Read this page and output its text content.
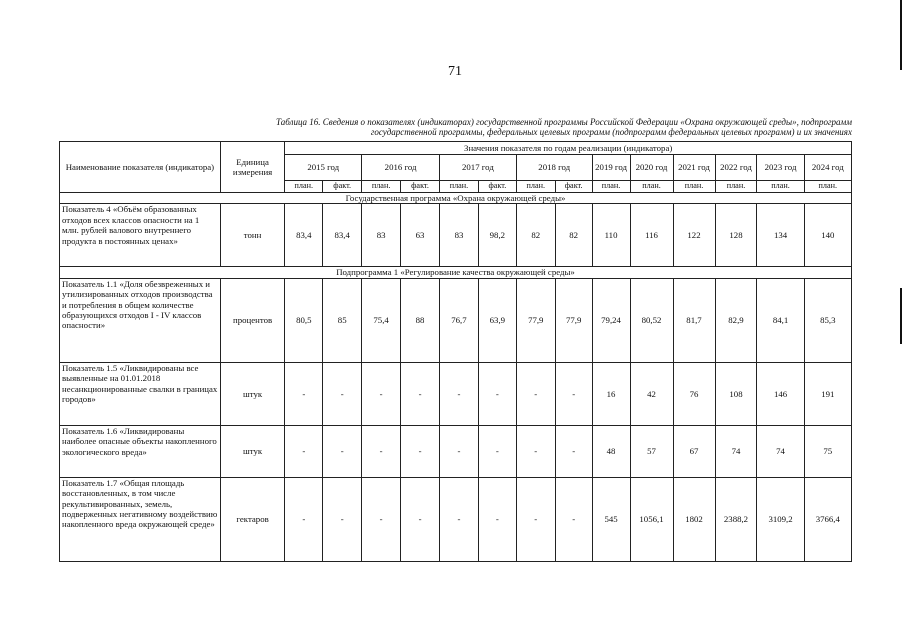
71
Таблица 16. Сведения о показателях (индикаторах) государственной программы Российской Федерации «Охрана окружающей среды», подпрограмм
государственной программы, федеральных целевых программ (подпрограмм федеральных целевых программ) и их значениях
Наименование показателя (индикатора)	Единица измерения	Значения показателя по годам реализации (индикатора)													
		2015 год		2016 год		2017 год		2018 год		2019 год	2020 год	2021 год	2022 год	2023 год	2024 год
		план.	факт.	план.	факт.	план.	факт.	план.	факт.	план.	план.	план.	план.	план.	план.
Государственная программа «Охрана окружающей среды»															
Показатель 4 «Объём образованных отходов всех классов опасности на 1 млн. рублей валового внутреннего продукта в постоянных ценах»	тонн	83,4	83,4	83	63	83	98,2	82	82	110	116	122	128	134	140
Подпрограмма 1 «Регулирование качества окружающей среды»															
Показатель 1.1 «Доля обезвреженных и утилизированных отходов производства и потребления в общем количестве образующихся отходов I - IV классов опасности»	процентов	80,5	85	75,4	88	76,7	63,9	77,9	77,9	79,24	80,52	81,7	82,9	84,1	85,3
Показатель 1.5 «Ликвидированы все выявленные на 01.01.2018 несанкционированные свалки в границах городов»	штук	-	-	-	-	-	-	-	-	16	42	76	108	146	191
Показатель 1.6 «Ликвидированы наиболее опасные объекты накопленного экологического вреда»	штук	-	-	-	-	-	-	-	-	48	57	67	74	74	75
Показатель 1.7 «Общая площадь восстановленных, в том числе рекультивированных, земель, подверженных негативному воздействию накопленного вреда окружающей среде»	гектаров	-	-	-	-	-	-	-	-	545	1056,1	1802	2388,2	3109,2	3766,4
